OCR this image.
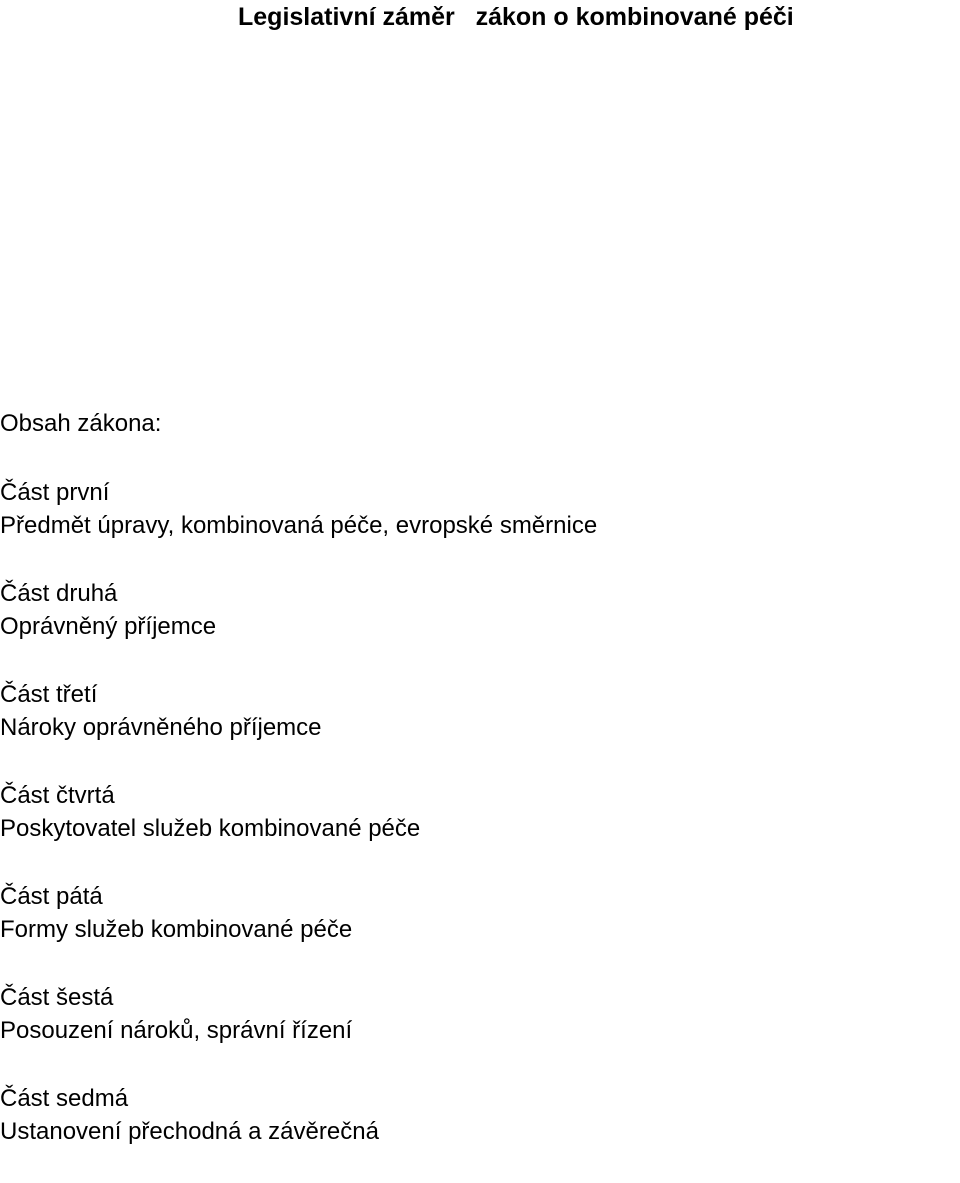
Legislativní záměr   zákon o kombinované péči
Obsah zákona:
Část první
Předmět úpravy, kombinovaná péče, evropské směrnice
Část druhá
Oprávněný příjemce
Část třetí
Nároky oprávněného příjemce
Část čtvrtá
Poskytovatel služeb kombinované péče
Část pátá
Formy služeb kombinované péče
Část šestá
Posouzení nároků, správní řízení
Část sedmá
Ustanovení přechodná a závěrečná
